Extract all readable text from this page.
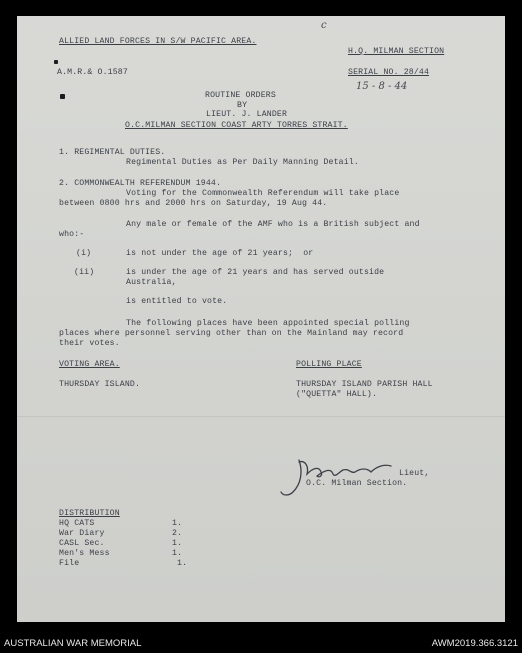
c
ALLIED LAND FORCES IN S/W PACIFIC AREA.
H.Q. MILMAN SECTION
A.M.R.& O.1587	SERIAL NO. 28/44
15 - 8 - 44
ROUTINE ORDERS
BY
LIEUT. J. LANDER
O.C.MILMAN SECTION COAST ARTY TORRES STRAIT.
1. REGIMENTAL DUTIES.
Regimental Duties as Per Daily Manning Detail.
2. COMMONWEALTH REFERENDUM 1944.
Voting for the Commonwealth Referendum will take place
between 0800 hrs and 2000 hrs on Saturday, 19 Aug 44.
Any male or female of the AMF who is a British subject and
who:-
(i)	is not under the age of 21 years;  or
(ii)	is under the age of 21 years and has served outside
Australia,
is entitled to vote.
The following places have been appointed special polling
places where personnel serving other than on the Mainland may record
their votes.
VOTING AREA.	POLLING PLACE
THURSDAY ISLAND.	THURSDAY ISLAND PARISH HALL
("QUETTA" HALL).
Lieut,
O.C. Milman Section.
DISTRIBUTION
HQ CATS	1.
War Diary	2.
CASL Sec.	1.
Men's Mess	1.
File	1.
AUSTRALIAN WAR MEMORIAL	AWM2019.366.3121
